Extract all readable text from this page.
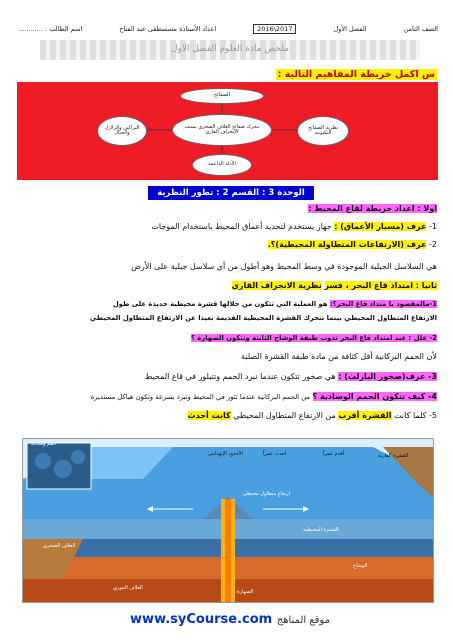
الصف الثامن
الفصل الأول
2017\2016
اعداد الأستاذة مسسطفى عبد الفتاح
اسم الطالب : ............
ملخص مادة العلوم الفصل الاول
س اكمل خريطة المفاهيم التالية :
الصفائح
تتحرك صفائح الغلاف الصخري بسبب الإنجراف القاري
البراكين والزلازل والجبال
نظرية الصفائح التكتونية
الأدلة الداعمة
الوحدة 3 : القسم 2 : تطور النظرية
اولا : اعداد خريطة لقاع المحيط :
1- عرف (مسبار الأعماق) : جهاز يستخدم لتحديد أعماق المحيط باستخدام الموجات
2- عرف (الارتفاعات المتطاولة المحيطية)؟.
هي السلاسل الجبلية الموجودة في وسط المحيط وهو أطول من أي سلاسل جبلية على الأرض
ثانيا : امتداد قاع البحر ، فسر نظرية الانجراف القاري
1-مالمقصود با متداد قاع البحر؟: هو العملية التي تتكون من خلالها قشرة محيطية جديدة على طول
الارتفاع المتطاول المحيطي بينما تتحرك القشرة المحيطية القديمة بعيدا عن الارتفاع المتطاول المحيطي
2- علل : عند امتداد قاع البحر تذوب طبقة الوشاح الثابتة وتتكون الصهارة ؟
لأن الحمم البركانية أقل كثافة من مادة طبقة القشرة الصلبة
3- عرف(صخور البازلت) : هي صخور تتكون عندما تبرد الحمم وتتبلور في قاع المحيط
4- كيف تتكون الحمم الوسادية ؟ من الحمم البركانية عندما تثور في المحيط وتبرد بسرعة وتكون هياكل مستديرة
5- كلما كانت القشرة أقرب من الارتفاع المتطاول المحيطي كانت أحدث
حمم وسادية
الأخدود الإنهدامي
ارتفاع متطاول محيطي
القشرة المحيطية
القشرة القارية
الوشاح
الصهارة
الغلاف الموري
الغلاف الصخري
أحدث عمراً	أقدم عمراً
www.syCourse.com موقع المناهج
